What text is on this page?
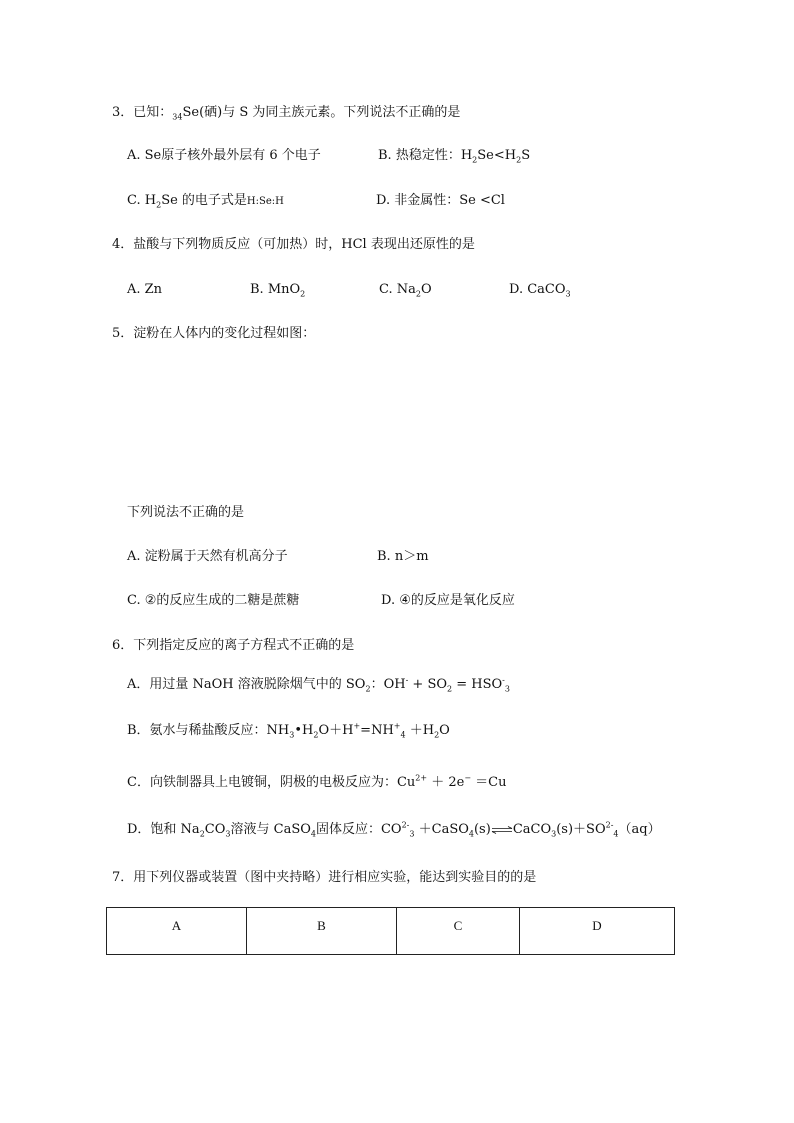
3．已知：$_{34}$Se(硒)与 S 为同主族元素。下列说法不正确的是
A. Se原子核外最外层有 6 个电子	B. 热稳定性：$H_2Se<H_2S$
C. $H_2Se$ 的电子式是H:Se:H	D. 非金属性：Se <Cl
4．盐酸与下列物质反应（可加热）时，HCl 表现出还原性的是
A. Zn	B. MnO$_2$	C. $Na_2O$	D. CaCO$_3$
5．淀粉在人体内的变化过程如图：
下列说法不正确的是
A. 淀粉属于天然有机高分子	B. n＞m
C. ②的反应生成的二糖是蔗糖	D. ④的反应是氧化反应
6．下列指定反应的离子方程式不正确的是
A．用过量 NaOH 溶液脱除烟气中的 $SO_2$：$OH^- + SO_2 = HSO^-_3$
B．氨水与稀盐酸反应：$NH_3•H_2O+H^+=NH^+_4 +H_2O$
C．向铁制器具上电镀铜，阴极的电极反应为：$Cu^{2+} + 2e^- =Cu$
D．饱和 $Na_2CO_3$溶液与 CaSO$_4$固体反应：$CO^{2-}_3$ $+CaSO_4(s)\rightleftharpoons CaCO_3(s)+SO^{2-}_4(aq)$
7．用下列仪器或装置（图中夹持略）进行相应实验，能达到实验目的的是
A	B	C	D
